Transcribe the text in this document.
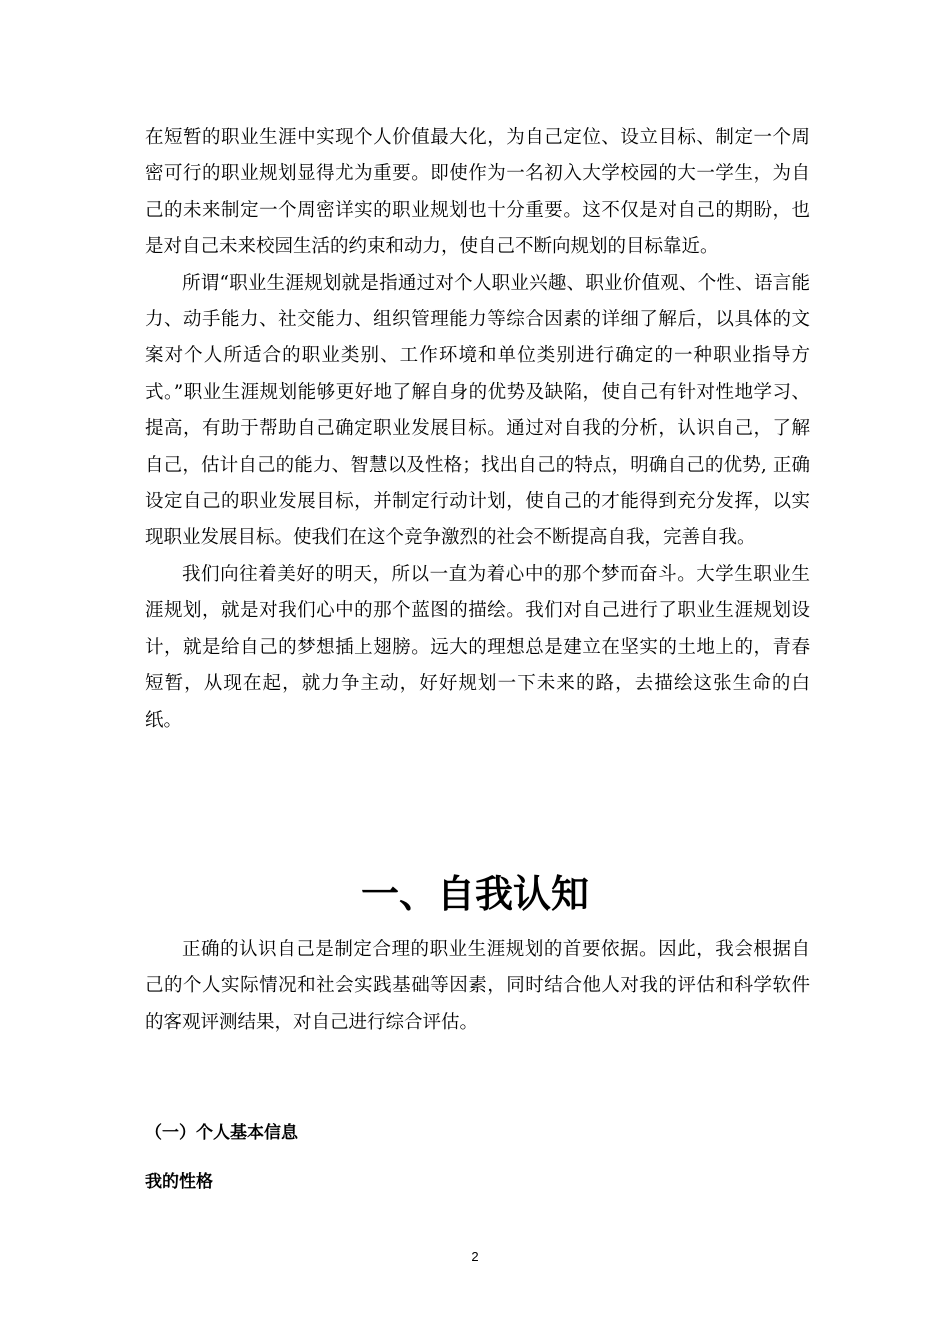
在短暂的职业生涯中实现个人价值最大化，为自己定位、设立目标、制定一个周密可行的职业规划显得尤为重要。即使作为一名初入大学校园的大一学生，为自己的未来制定一个周密详实的职业规划也十分重要。这不仅是对自己的期盼，也是对自己未来校园生活的约束和动力，使自己不断向规划的目标靠近。

所谓“职业生涯规划就是指通过对个人职业兴趣、职业价值观、个性、语言能力、动手能力、社交能力、组织管理能力等综合因素的详细了解后，以具体的文案对个人所适合的职业类别、工作环境和单位类别进行确定的一种职业指导方式。”职业生涯规划能够更好地了解自身的优势及缺陷，使自己有针对性地学习、提高，有助于帮助自己确定职业发展目标。通过对自我的分析，认识自己，了解自己，估计自己的能力、智慧以及性格；找出自己的特点，明确自己的优势, 正确设定自己的职业发展目标，并制定行动计划，使自己的才能得到充分发挥，以实现职业发展目标。使我们在这个竞争激烈的社会不断提高自我，完善自我。

我们向往着美好的明天，所以一直为着心中的那个梦而奋斗。大学生职业生涯规划，就是对我们心中的那个蓝图的描绘。我们对自己进行了职业生涯规划设计，就是给自己的梦想插上翅膀。远大的理想总是建立在坚实的土地上的，青春短暂，从现在起，就力争主动，好好规划一下未来的路，去描绘这张生命的白纸。

一、自我认知

正确的认识自己是制定合理的职业生涯规划的首要依据。因此，我会根据自己的个人实际情况和社会实践基础等因素，同时结合他人对我的评估和科学软件的客观评测结果，对自己进行综合评估。

（一）个人基本信息
我的性格
2
